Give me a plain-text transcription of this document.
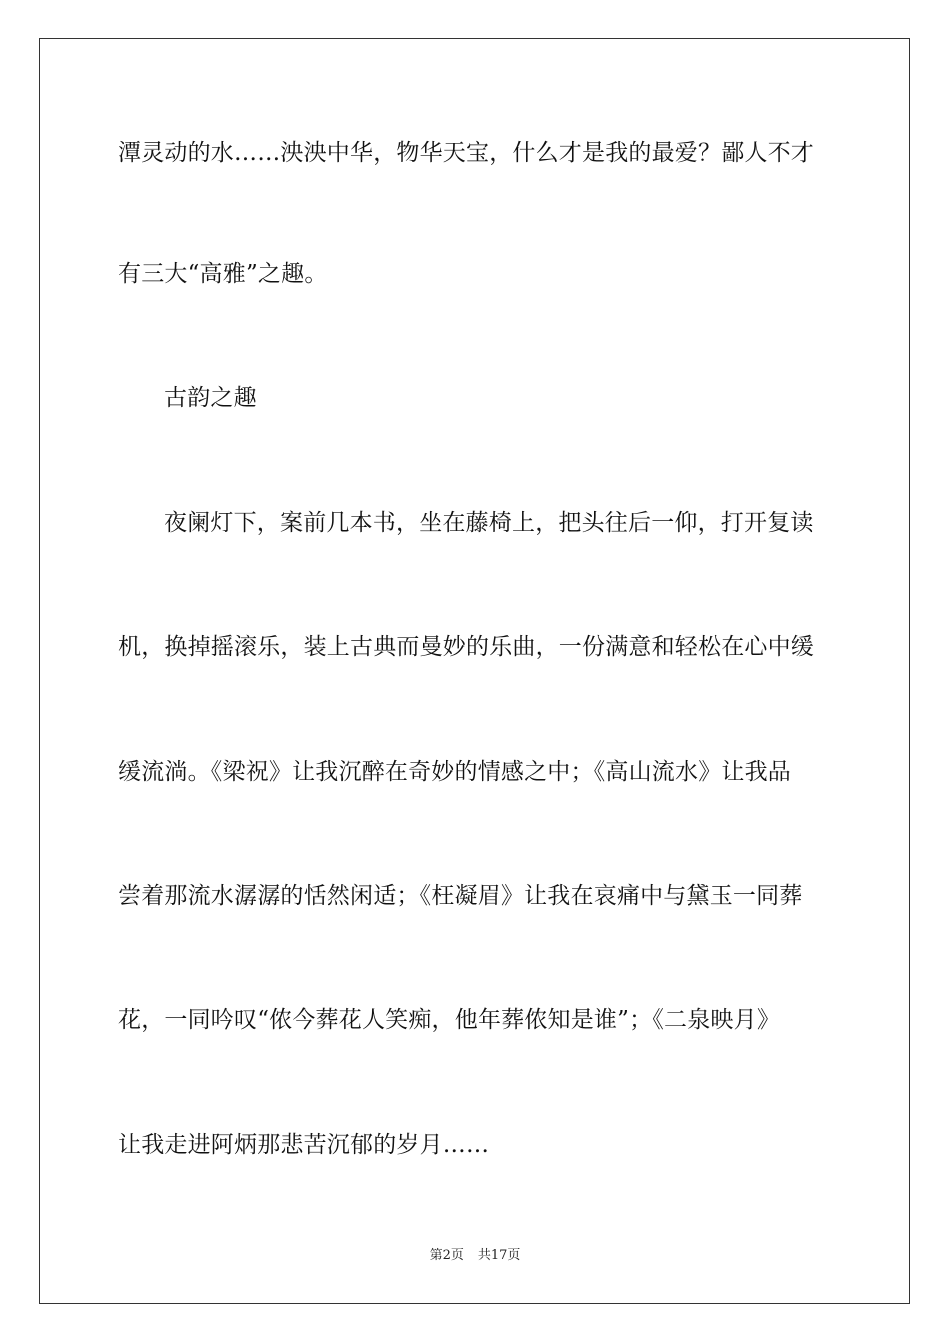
潭灵动的水……泱泱中华，物华天宝，什么才是我的最爱？鄙人不才
有三大“高雅”之趣。
古韵之趣
夜阑灯下，案前几本书，坐在藤椅上，把头往后一仰，打开复读
机，换掉摇滚乐，装上古典而曼妙的乐曲，一份满意和轻松在心中缓
缓流淌。《梁祝》让我沉醉在奇妙的情感之中；《高山流水》让我品
尝着那流水潺潺的恬然闲适；《枉凝眉》让我在哀痛中与黛玉一同葬
花，一同吟叹“侬今葬花人笑痴，他年葬侬知是谁”；《二泉映月》
让我走进阿炳那悲苦沉郁的岁月……
第2页 共17页
